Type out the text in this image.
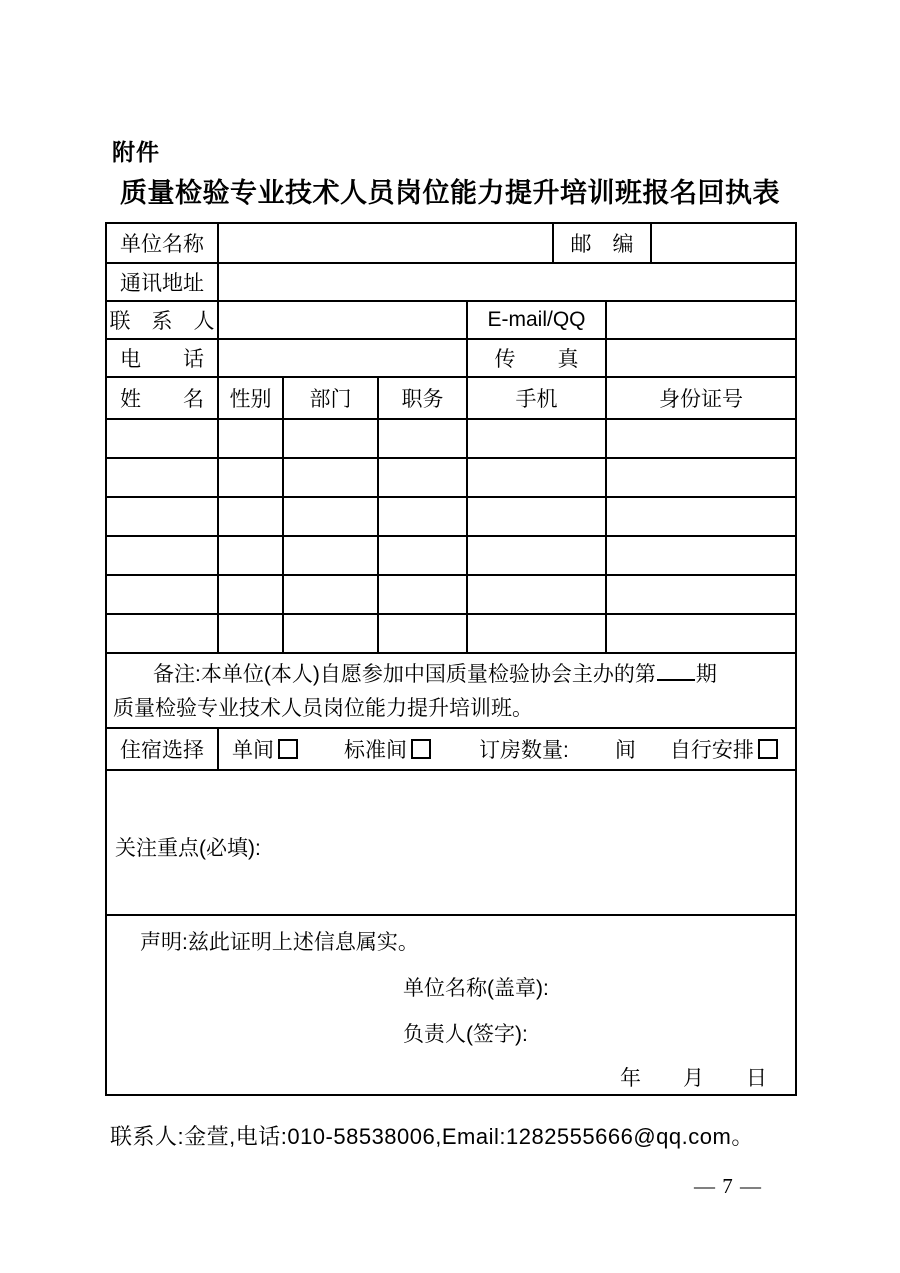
附件
质量检验专业技术人员岗位能力提升培训班报名回执表
单位名称					邮　编		
通讯地址							
联　系　人				E-mail/QQ			
电　　话				传　　真			
姓　　名	性别	部门	职务	手机		身份证号	

备注:本单位(本人)自愿参加中国质量检验协会主办的第 期
质量检验专业技术人员岗位能力提升培训班。							

住宿选择	单间 标准间 订房数量: 间 自行安排						

关注重点(必填):							

声明:兹此证明上述信息属实。
单位名称(盖章):
负责人(签字):
年　　月　　日							
联系人:金萱,电话:010-58538006,Email:1282555666@qq.com。
— 7 —
